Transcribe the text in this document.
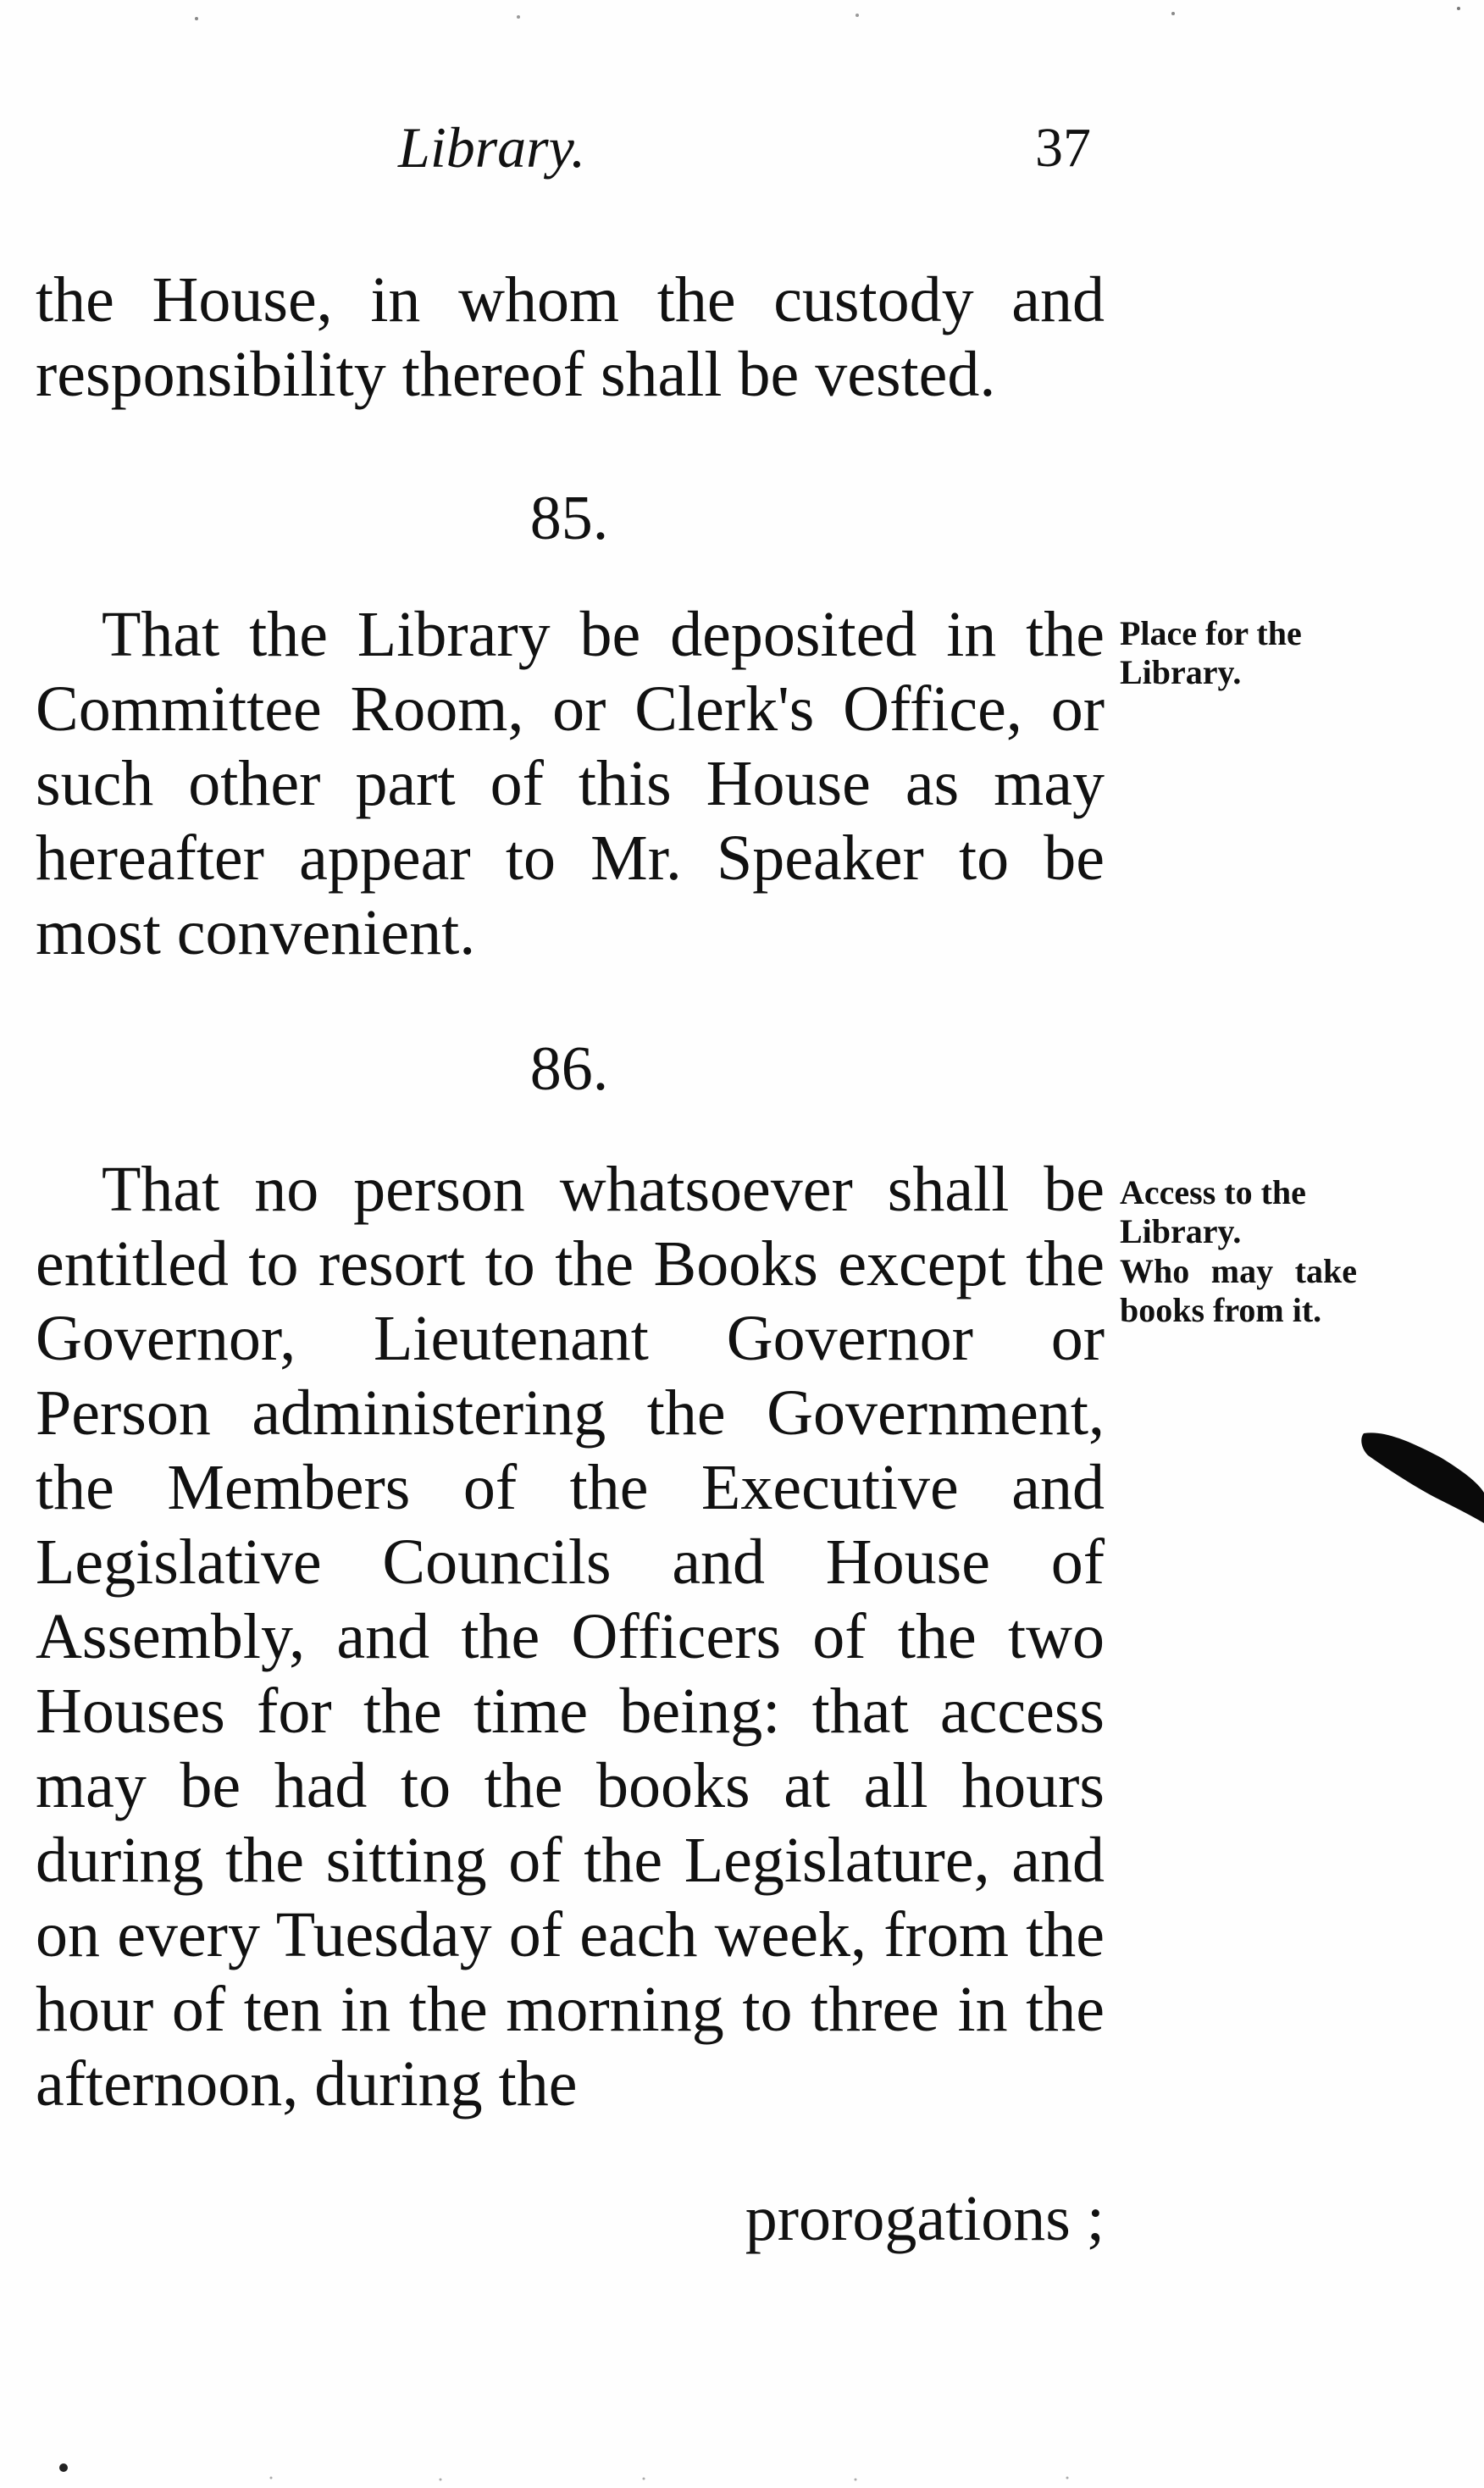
Library.	37

the House, in whom the custody and responsibility thereof shall be vested.

85.

That the Library be deposited in the Committee Room, or Clerk's Office, or such other part of this House as may hereafter appear to Mr. Speaker to be most convenient.

Place for the Library.
86.

That no person whatsoever shall be entitled to resort to the Books except the Governor, Lieutenant Governor or Person administering the Government, the Members of the Executive and Legislative Councils and House of Assembly, and the Officers of the two Houses for the time being: that access may be had to the books at all hours during the sitting of the Legislature, and on every Tuesday of each week, from the hour of ten in the morning to three in the afternoon, during the

Access to the Library.
Who may take books from it.
prorogations ;
